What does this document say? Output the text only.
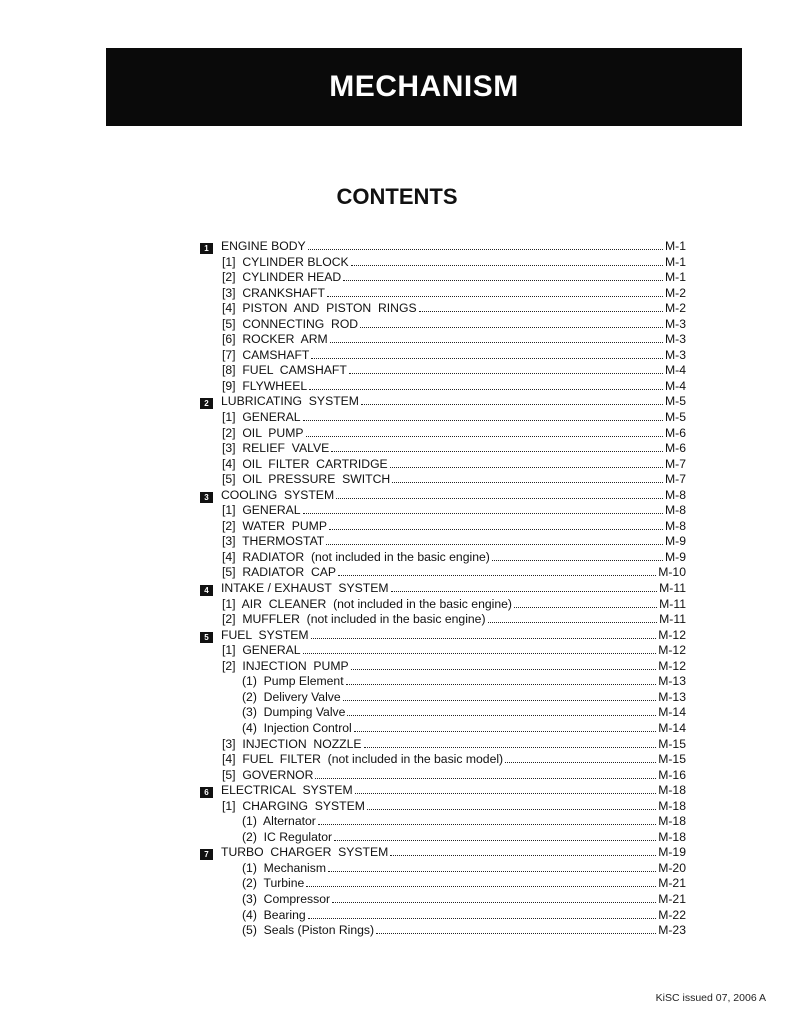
MECHANISM
CONTENTS
1	ENGINE BODY	M-1
[1]  CYLINDER BLOCK	M-1
[2]  CYLINDER HEAD	M-1
[3]  CRANKSHAFT	M-2
[4]  PISTON  AND  PISTON  RINGS	M-2
[5]  CONNECTING  ROD	M-3
[6]  ROCKER  ARM	M-3
[7]  CAMSHAFT	M-3
[8]  FUEL  CAMSHAFT	M-4
[9]  FLYWHEEL	M-4
2	LUBRICATING  SYSTEM	M-5
[1]  GENERAL	M-5
[2]  OIL  PUMP	M-6
[3]  RELIEF  VALVE	M-6
[4]  OIL  FILTER  CARTRIDGE	M-7
[5]  OIL  PRESSURE  SWITCH	M-7
3	COOLING  SYSTEM	M-8
[1]  GENERAL	M-8
[2]  WATER  PUMP	M-8
[3]  THERMOSTAT	M-9
[4]  RADIATOR  (not included in the basic engine)	M-9
[5]  RADIATOR  CAP	M-10
4	INTAKE / EXHAUST  SYSTEM	M-11
[1]  AIR  CLEANER  (not included in the basic engine)	M-11
[2]  MUFFLER  (not included in the basic engine)	M-11
5	FUEL  SYSTEM	M-12
[1]  GENERAL	M-12
[2]  INJECTION  PUMP	M-12
(1)  Pump Element	M-13
(2)  Delivery Valve	M-13
(3)  Dumping Valve	M-14
(4)  Injection Control	M-14
[3]  INJECTION  NOZZLE	M-15
[4]  FUEL  FILTER  (not included in the basic model)	M-15
[5]  GOVERNOR	M-16
6	ELECTRICAL  SYSTEM	M-18
[1]  CHARGING  SYSTEM	M-18
(1)  Alternator	M-18
(2)  IC Regulator	M-18
7	TURBO  CHARGER  SYSTEM	M-19
(1)  Mechanism	M-20
(2)  Turbine	M-21
(3)  Compressor	M-21
(4)  Bearing	M-22
(5)  Seals (Piston Rings)	M-23
KiSC issued 07, 2006 A
